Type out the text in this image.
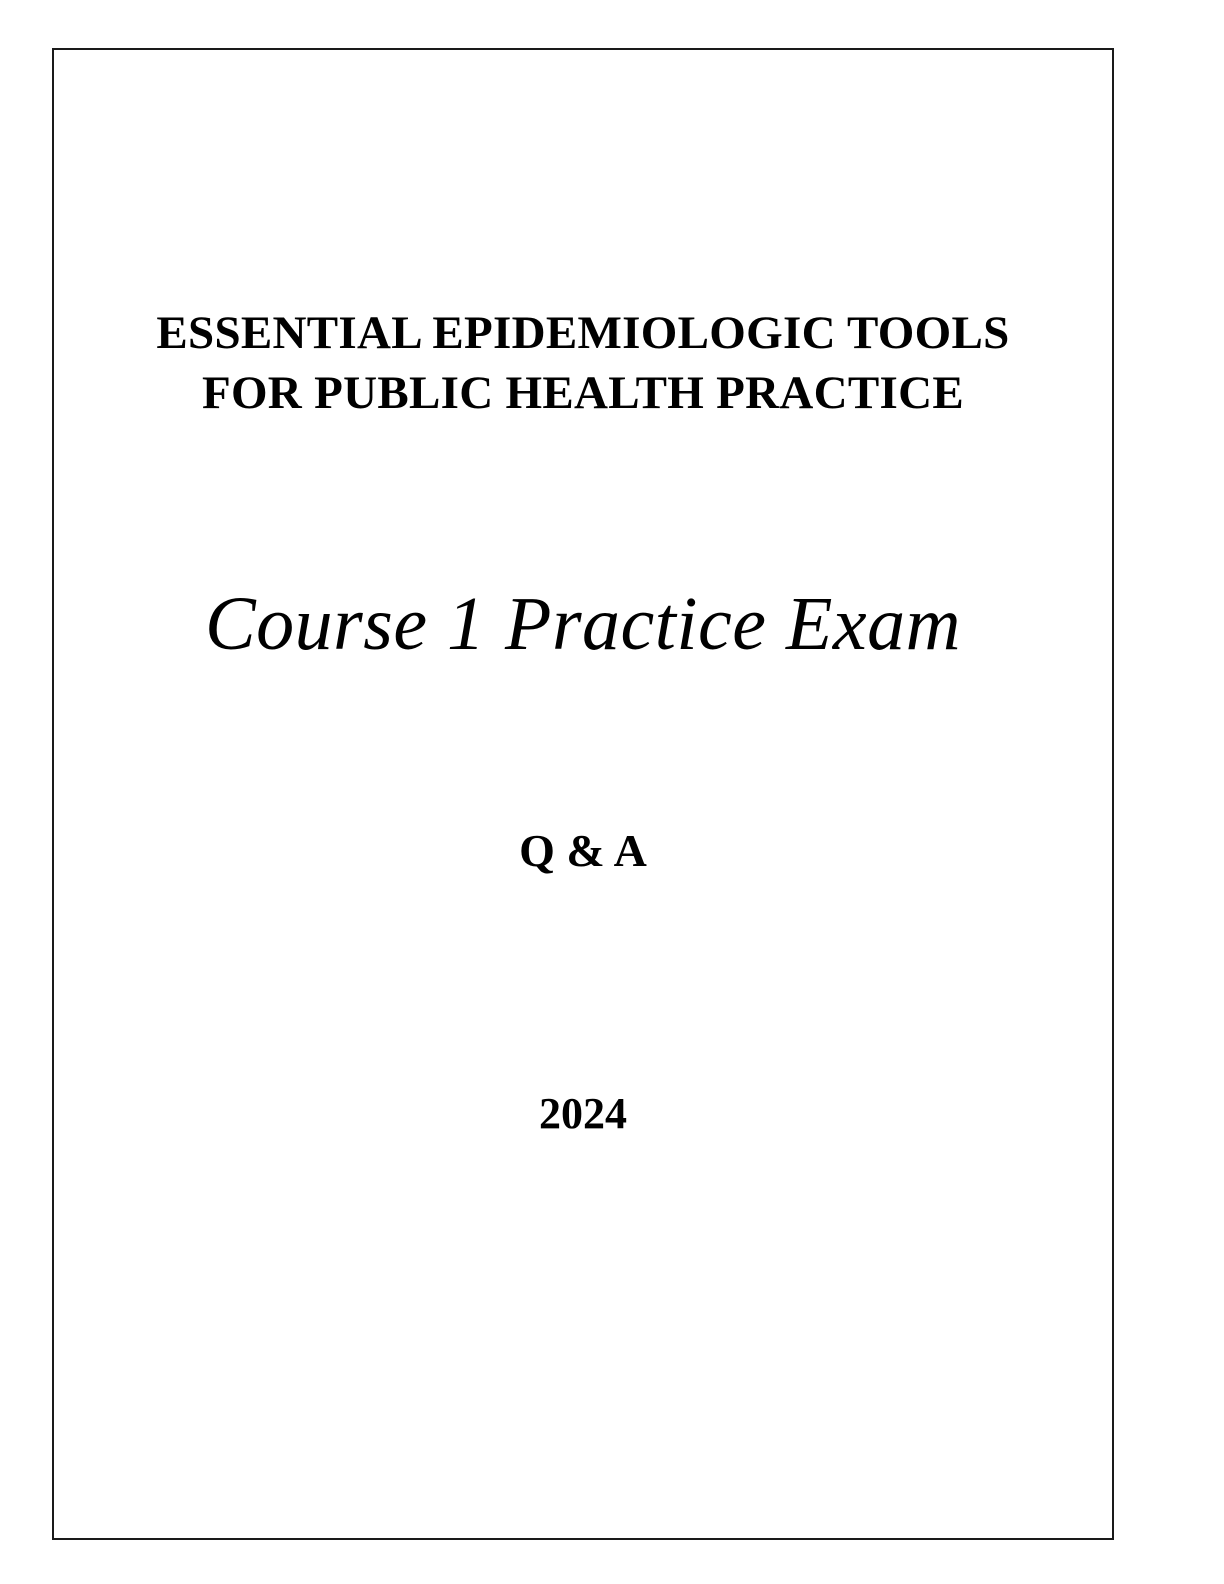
ESSENTIAL EPIDEMIOLOGIC TOOLS FOR PUBLIC HEALTH PRACTICE
Course 1 Practice Exam
Q & A
2024
